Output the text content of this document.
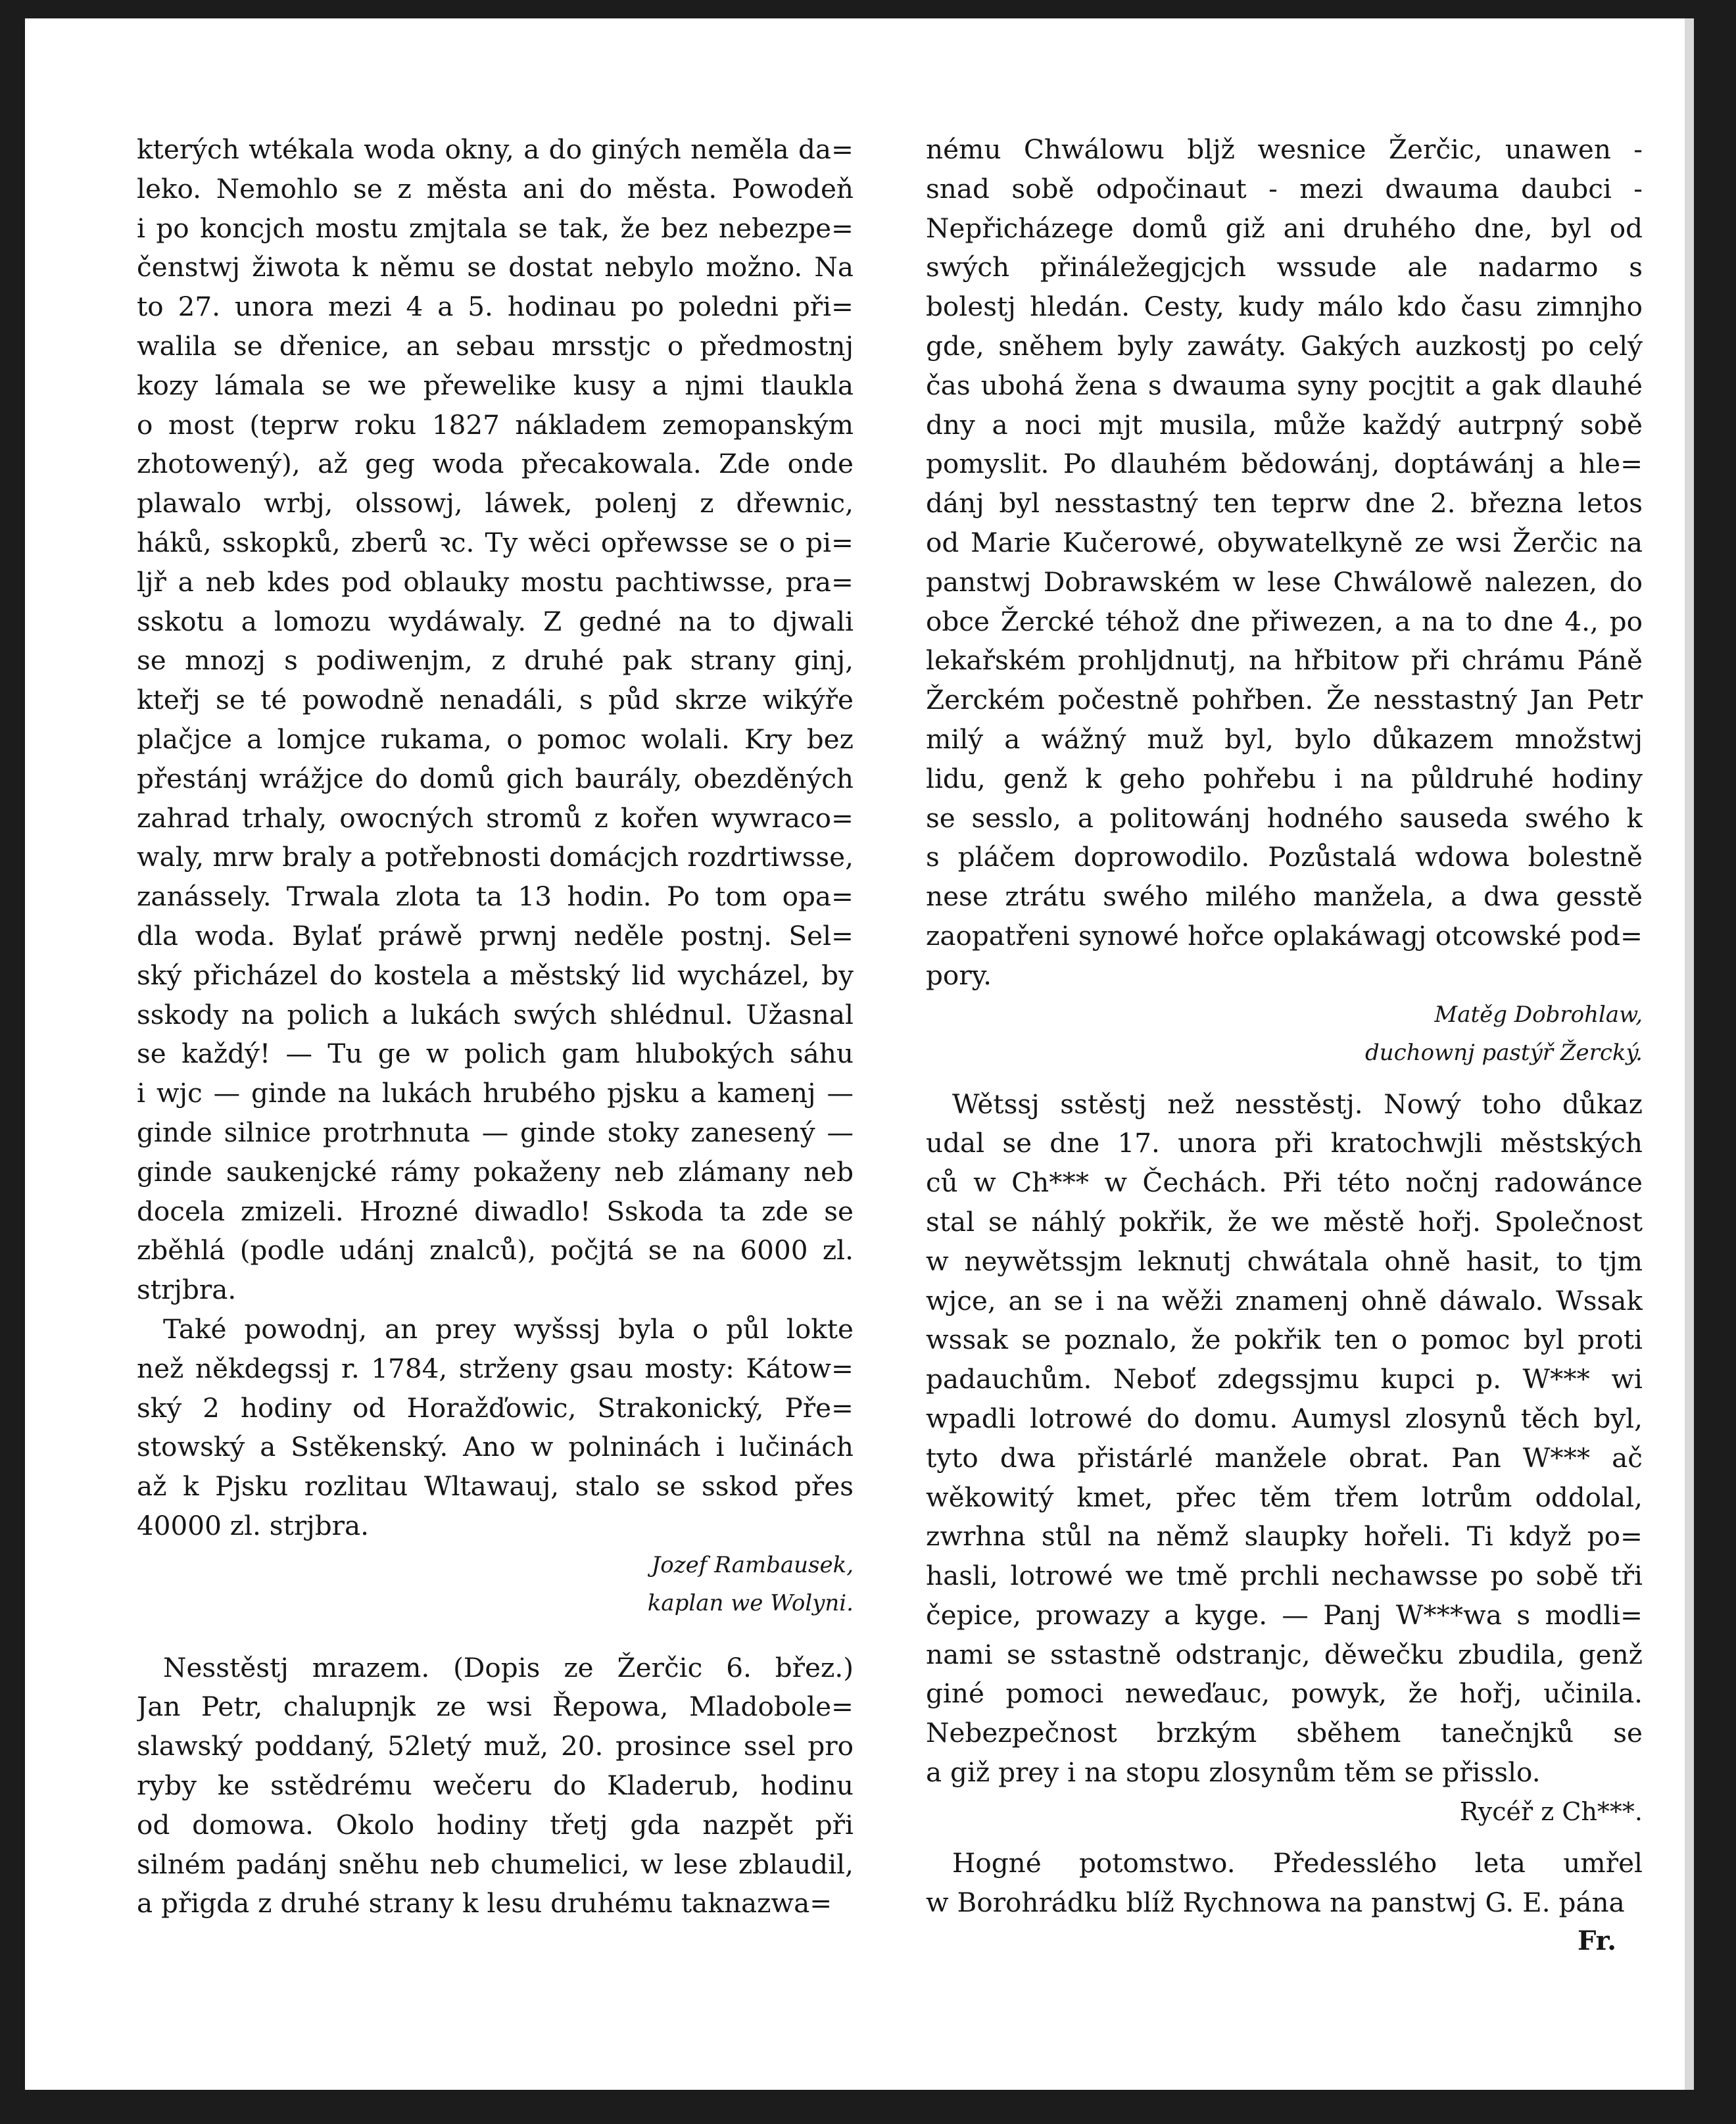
kterých wtékala woda okny, a do giných neměla da=
leko. Nemohlo se z města ani do města. Powodeň
i po koncjch mostu zmjtala se tak, že bez nebezpe=
čenstwj žiwota k němu se dostat nebylo možno. Na
to 27. unora mezi 4 a 5. hodinau po poledni při=
walila se dřenice, an sebau mrsstjc o předmostnj
kozy lámala se we přewelike kusy a njmi tlaukla
o most (teprw roku 1827 nákladem zemopanským
zhotowený), až geg woda přecakowala. Zde onde
plawalo wrbj, olssowj, láwek, polenj z dřewnic,
háků, sskopků, zberů ꝛc. Ty wěci opřewsse se o pi=
ljř a neb kdes pod oblauky mostu pachtiwsse, pra=
sskotu a lomozu wydáwaly. Z gedné na to djwali
se mnozj s podiwenjm, z druhé pak strany ginj,
kteřj se té powodně nenadáli, s půd skrze wikýře
plačjce a lomjce rukama, o pomoc wolali. Kry bez
přestánj wrážjce do domů gich baurály, obezděných
zahrad trhaly, owocných stromů z kořen wywraco=
waly, mrw braly a potřebnosti domácjch rozdrtiwsse,
zanássely. Trwala zlota ta 13 hodin. Po tom opa=
dla woda. Bylať práwě prwnj neděle postnj. Sel=
ský přicházel do kostela a městský lid wycházel, by
sskody na polich a lukách swých shlédnul. Užasnal
se každý! — Tu ge w polich gam hlubokých sáhu
i wjc — ginde na lukách hrubého pjsku a kamenj —
ginde silnice protrhnuta — ginde stoky zanesený —
ginde saukenjcké rámy pokaženy neb zlámany neb
docela zmizeli. Hrozné diwadlo! Sskoda ta zde se
zběhlá (podle udánj znalců), počjtá se na 6000 zl.
strjbra.
Také powodnj, an prey wyšssj byla o půl lokte
než někdegssj r. 1784, strženy gsau mosty: Kátow=
ský 2 hodiny od Horažďowic, Strakonický, Pře=
stowský a Sstěkenský. Ano w polninách i lučinách
až k Pjsku rozlitau Wltawauj, stalo se sskod přes
40000 zl. strjbra.
Jozef Rambausek,
kaplan we Wolyni.
Nesstěstj mrazem. (Dopis ze Žerčic 6. břez.)
Jan Petr, chalupnjk ze wsi Řepowa, Mladobole=
slawský poddaný, 52letý muž, 20. prosince ssel pro
ryby ke sstědrému wečeru do Kladerub, hodinu
od domowa. Okolo hodiny třetj gda nazpět při
silném padánj sněhu neb chumelici, w lese zblaudil,
a přigda z druhé strany k lesu druhému taknazwa=
nému Chwálowu bljž wesnice Žerčic, unawen -
snad sobě odpočinaut - mezi dwauma daubci -
Nepřicházege domů giž ani druhého dne, byl od
swých přináležegjcjch wssude ale nadarmo s
bolestj hledán. Cesty, kudy málo kdo času zimnjho
gde, sněhem byly zawáty. Gakých auzkostj po celý
čas ubohá žena s dwauma syny pocjtit a gak dlauhé
dny a noci mjt musila, může každý autrpný sobě
pomyslit. Po dlauhém bědowánj, doptáwánj a hle=
dánj byl nesstastný ten teprw dne 2. března letos
od Marie Kučerowé, obywatelkyně ze wsi Žerčic na
panstwj Dobrawském w lese Chwálowě nalezen, do
obce Žercké téhož dne přiwezen, a na to dne 4., po
lekařském prohljdnutj, na hřbitow při chrámu Páně
Žerckém počestně pohřben. Že nesstastný Jan Petr
milý a wážný muž byl, bylo důkazem množstwj
lidu, genž k geho pohřebu i na půldruhé hodiny
se sesslo, a politowánj hodného sauseda swého k
s pláčem doprowodilo. Pozůstalá wdowa bolestně
nese ztrátu swého milého manžela, a dwa gesstě
zaopatřeni synowé hořce oplakáwagj otcowské pod=
pory.
Matěg Dobrohlaw,
duchownj pastýř Žercký.
Wětssj sstěstj než nesstěstj. Nowý toho důkaz
udal se dne 17. unora při kratochwjli městských
ců w Ch*** w Čechách. Při této nočnj radowánce
stal se náhlý pokřik, že we městě hořj. Společnost
w neywětssjm leknutj chwátala ohně hasit, to tjm
wjce, an se i na wěži znamenj ohně dáwalo. Wssak
wssak se poznalo, že pokřik ten o pomoc byl proti
padauchům. Neboť zdegssjmu kupci p. W*** wi
wpadli lotrowé do domu. Aumysl zlosynů těch byl,
tyto dwa přistárlé manžele obrat. Pan W*** ač
wěkowitý kmet, přec těm třem lotrům oddolal,
zwrhna stůl na němž slaupky hořeli. Ti když po=
hasli, lotrowé we tmě prchli nechawsse po sobě tři
čepice, prowazy a kyge. — Panj W***wa s modli=
nami se sstastně odstranjc, děwečku zbudila, genž
giné pomoci neweďauc, powyk, že hořj, učinila.
Nebezpečnost brzkým sběhem tanečnjků se
a giž prey i na stopu zlosynům těm se přisslo.
Rycéř z Ch***.
Hogné potomstwo. Předesslého leta umřel
w Borohrádku blíž Rychnowa na panstwj G. E. pána
Fr.
